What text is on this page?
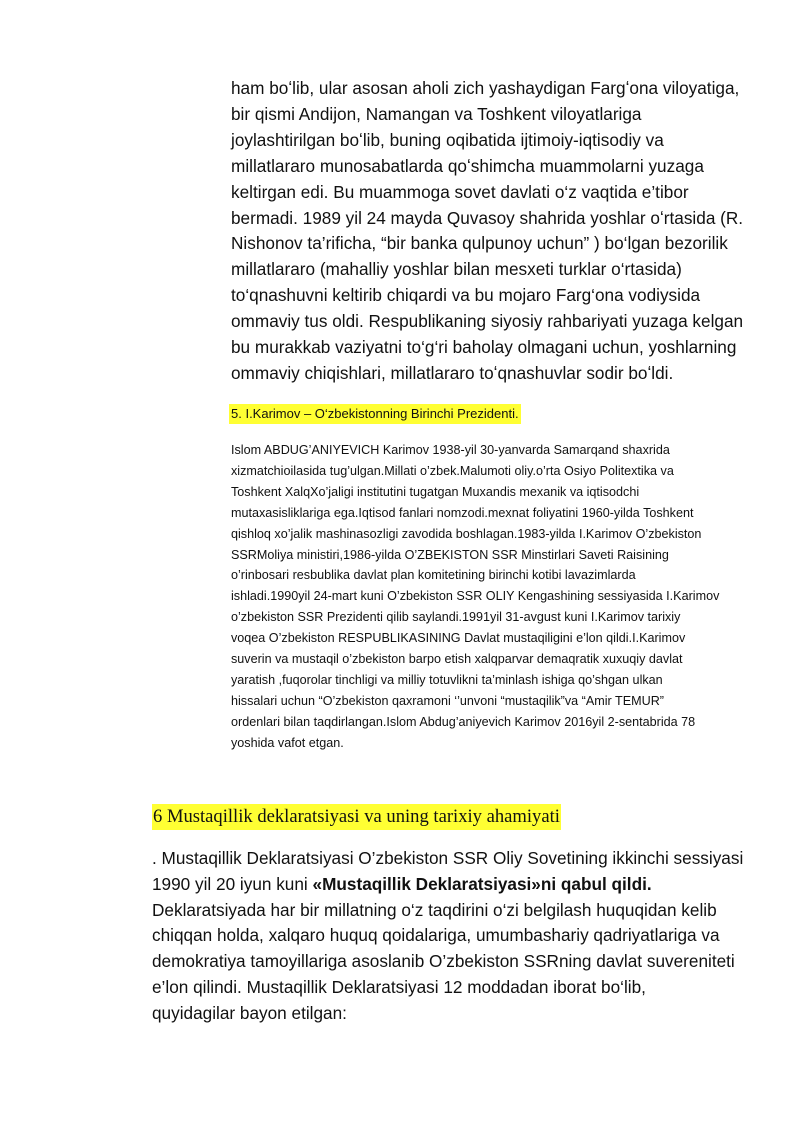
ham boʻlib, ular asosan aholi zich yashaydigan Fargʻona viloyatiga,
bir qismi Andijon, Namangan va Toshkent viloyatlariga
joylashtirilgan boʻlib, buning oqibatida ijtimoiy-iqtisodiy va
millatlararo munosabatlarda qoʻshimcha muammolarni yuzaga
keltirgan edi. Bu muammoga sovet davlati o‘z vaqtida e’tibor
bermadi. 1989 yil 24 mayda Quvasoy shahrida yoshlar oʻrtasida (R.
Nishonov ta’rificha, “bir banka qulpunoy uchun” ) bo‘lgan bezorilik
millatlararo (mahalliy yoshlar bilan mesxeti turklar o‘rtasida)
to‘qnashuvni keltirib chiqardi va bu mojaro Farg‘ona vodiysida
ommaviy tus oldi. Respublikaning siyosiy rahbariyati yuzaga kelgan
bu murakkab vaziyatni to‘g‘ri baholay olmagani uchun, yoshlarning
ommaviy chiqishlari, millatlararo toʻqnashuvlar sodir boʻldi.
5. I.Karimov – O‘zbekistonning Birinchi Prezidenti.
Islom ABDUG’ANIYEVICH Karimov 1938-yil 30-yanvarda Samarqand shaxrida
xizmatchioilasida tug’ulgan.Millati o’zbek.Malumoti oliy.o’rta Osiyo Politextika va
Toshkent XalqXo’jaligi institutini tugatgan Muxandis mexanik va iqtisodchi
mutaxasisliklariga ega.Iqtisod fanlari nomzodi.mexnat foliyatini 1960-yilda Toshkent
qishloq xo’jalik mashinasozligi zavodida boshlagan.1983-yilda I.Karimov O’zbekiston
SSRMoliya ministiri,1986-yilda O’ZBEKISTON SSR Minstirlari Saveti Raisining
o’rinbosari resbublika davlat plan komitetining birinchi kotibi lavazimlarda
ishladi.1990yil 24-mart kuni O’zbekiston SSR OLIY Kengashining sessiyasida I.Karimov
o’zbekiston SSR Prezidenti qilib saylandi.1991yil 31-avgust kuni I.Karimov tarixiy
voqea O’zbekiston RESPUBLIKASINING Davlat mustaqiligini e’lon qildi.I.Karimov
suverin va mustaqil o’zbekiston barpo etish xalqparvar demaqratik xuxuqiy davlat
yaratish ,fuqorolar tinchligi va milliy totuvlikni ta’minlash ishiga qo’shgan ulkan
hissalari uchun “O’zbekiston qaxramoni ‘’unvoni “mustaqilik”va “Amir TEMUR”
ordenlari bilan taqdirlangan.Islom Abdug’aniyevich Karimov 2016yil 2-sentabrida 78
yoshida vafot etgan.
6 Mustaqillik deklaratsiyasi va uning tarixiy ahamiyati
. Mustaqillik Deklaratsiyasi O’zbekiston SSR Oliy Sovetining ikkinchi sessiyasi
1990 yil 20 iyun kuni «Mustaqillik Deklaratsiyasi»ni qabul qildi.
Deklaratsiyada har bir millatning o‘z taqdirini o‘zi belgilash huquqidan kelib
chiqqan holda, xalqaro huquq qoidalariga, umumbashariy qadriyatlariga va
demokratiya tamoyillariga asoslanib O’zbekiston SSRning davlat suvereniteti
e’lon qilindi. Mustaqillik Deklaratsiyasi 12 moddadan iborat bo‘lib,
quyidagilar bayon etilgan:
